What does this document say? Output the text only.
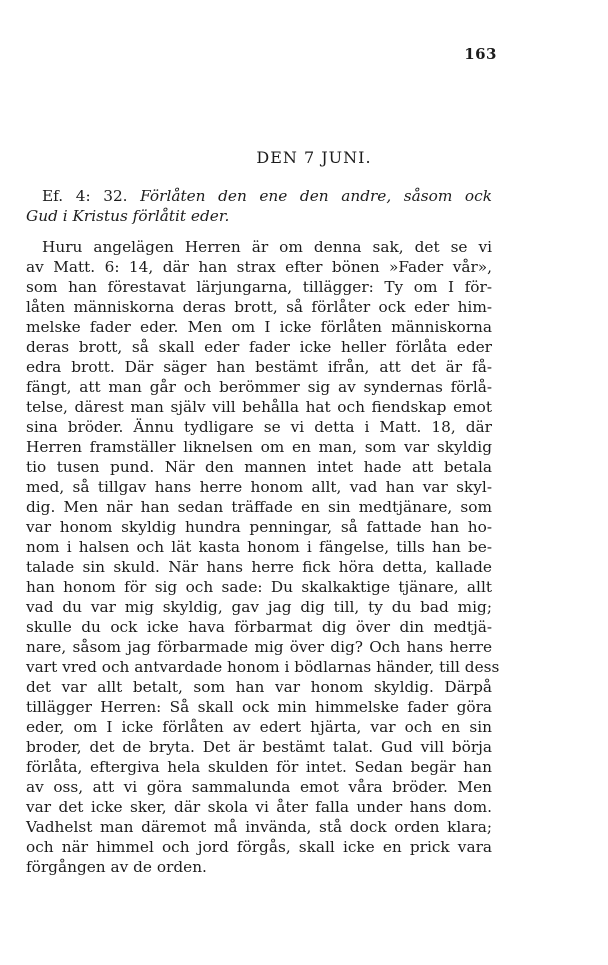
163
DEN 7 JUNI.
Ef. 4: 32. Förlåten den ene den andre, såsom ock
Gud i Kristus förlåtit eder.
Huru angelägen Herren är om denna sak, det se vi
av Matt. 6: 14, där han strax efter bönen »Fader vår»,
som han förestavat lärjungarna, tillägger: Ty om I för-
låten människorna deras brott, så förlåter ock eder him-
melske fader eder. Men om I icke förlåten människorna
deras brott, så skall eder fader icke heller förlåta eder
edra brott. Där säger han bestämt ifrån, att det är få-
fängt, att man går och berömmer sig av syndernas förlå-
telse, därest man själv vill behålla hat och fiendskap emot
sina bröder. Ännu tydligare se vi detta i Matt. 18, där
Herren framställer liknelsen om en man, som var skyldig
tio tusen pund. När den mannen intet hade att betala
med, så tillgav hans herre honom allt, vad han var skyl-
dig. Men när han sedan träffade en sin medtjänare, som
var honom skyldig hundra penningar, så fattade han ho-
nom i halsen och lät kasta honom i fängelse, tills han be-
talade sin skuld. När hans herre fick höra detta, kallade
han honom för sig och sade: Du skalkaktige tjänare, allt
vad du var mig skyldig, gav jag dig till, ty du bad mig;
skulle du ock icke hava förbarmat dig över din medtjä-
nare, såsom jag förbarmade mig över dig? Och hans herre
vart vred och antvardade honom i bödlarnas händer, till dess
det var allt betalt, som han var honom skyldig. Därpå
tillägger Herren: Så skall ock min himmelske fader göra
eder, om I icke förlåten av edert hjärta, var och en sin
broder, det de bryta. Det är bestämt talat. Gud vill börja
förlåta, eftergiva hela skulden för intet. Sedan begär han
av oss, att vi göra sammalunda emot våra bröder. Men
var det icke sker, där skola vi åter falla under hans dom.
Vadhelst man däremot må invända, stå dock orden klara;
och när himmel och jord förgås, skall icke en prick vara
förgången av de orden.
